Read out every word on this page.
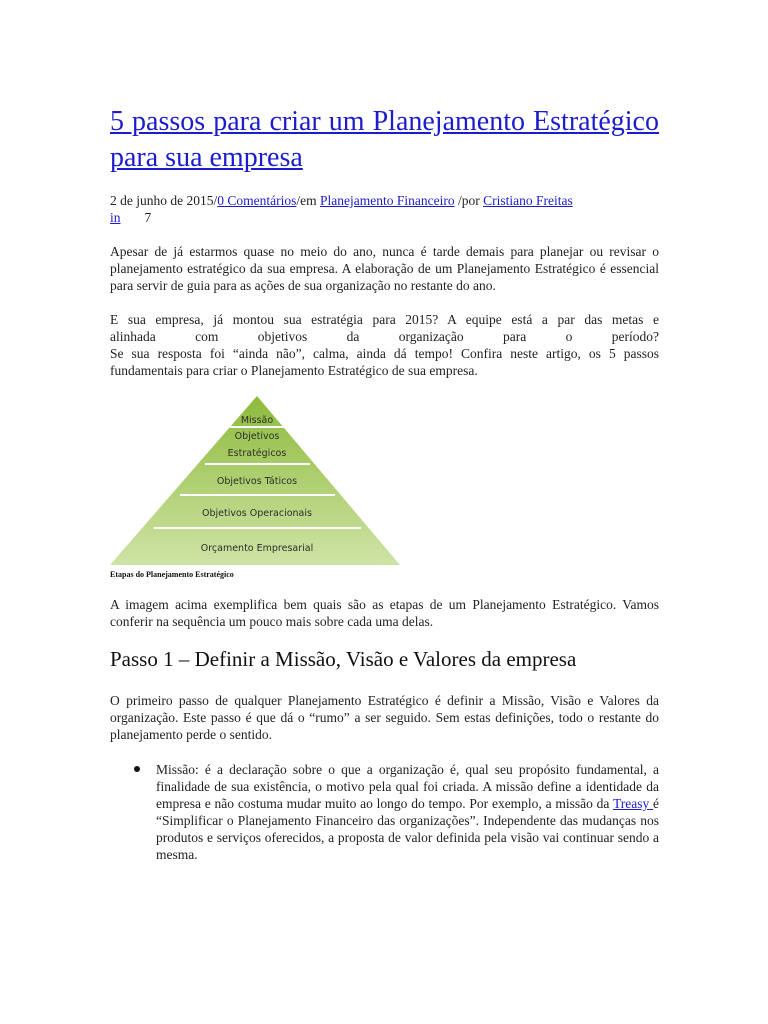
5 passos para criar um Planejamento Estratégico para sua empresa
2 de junho de 2015/0 Comentários/em Planejamento Financeiro /por Cristiano Freitas
in 7

Apesar de já estarmos quase no meio do ano, nunca é tarde demais para planejar ou revisar o planejamento estratégico da sua empresa. A elaboração de um Planejamento Estratégico é essencial para servir de guia para as ações de sua organização no restante do ano.

E sua empresa, já montou sua estratégia para 2015? A equipe está a par das metas e
alinhada com objetivos da organização para o período?
Se sua resposta foi “ainda não”, calma, ainda dá tempo! Confira neste artigo, os 5 passos fundamentais para criar o Planejamento Estratégico de sua empresa.

Missão
Objetivos
Estratégicos
Objetivos Táticos
Objetivos Operacionais
Orçamento Empresarial
Etapas do Planejamento Estratégico

A imagem acima exemplifica bem quais são as etapas de um Planejamento Estratégico. Vamos conferir na sequência um pouco mais sobre cada uma delas.

Passo 1 – Definir a Missão, Visão e Valores da empresa

O primeiro passo de qualquer Planejamento Estratégico é definir a Missão, Visão e Valores da organização. Este passo é que dá o “rumo” a ser seguido. Sem estas definições, todo o restante do planejamento perde o sentido.

Missão: é a declaração sobre o que a organização é, qual seu propósito fundamental, a finalidade de sua existência, o motivo pela qual foi criada. A missão define a identidade da empresa e não costuma mudar muito ao longo do tempo. Por exemplo, a missão da Treasy é “Simplificar o Planejamento Financeiro das organizações”. Independente das mudanças nos produtos e serviços oferecidos, a proposta de valor definida pela visão vai continuar sendo a mesma.
